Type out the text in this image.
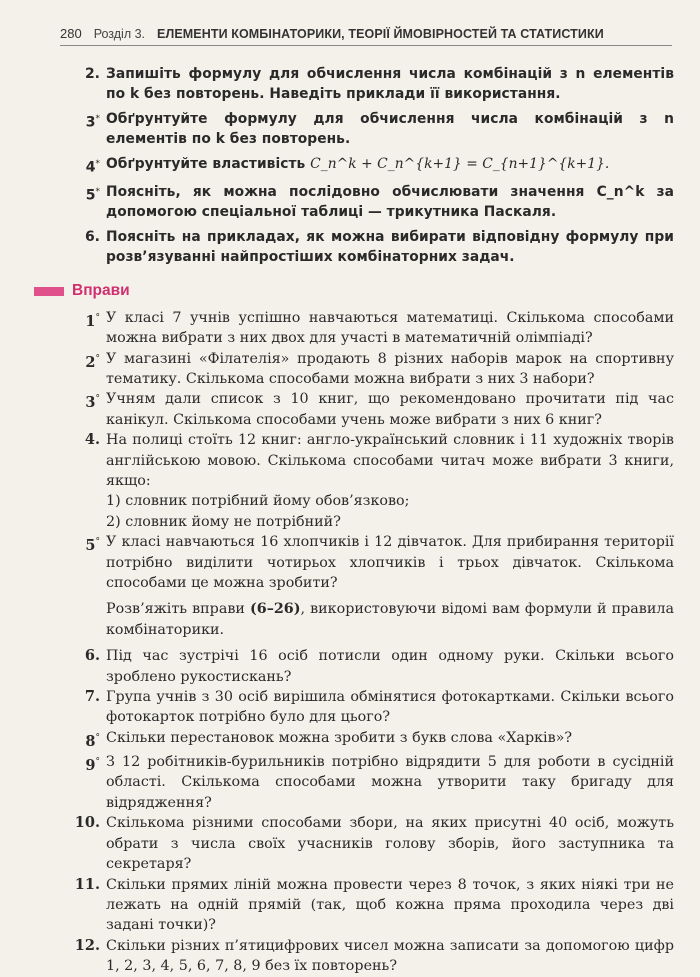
280 Розділ 3. ЕЛЕМЕНТИ КОМБІНАТОРИКИ, ТЕОРІЇ ЙМОВІРНОСТЕЙ ТА СТАТИСТИКИ
2. Запишіть формулу для обчислення числа комбінацій з n елементів по k без повторень. Наведіть приклади її використання.
3* Обґрунтуйте формулу для обчислення числа комбінацій з n елементів по k без повторень.
4* Обґрунтуйте властивість C_n^k + C_n^{k+1} = C_{n+1}^{k+1}.
5* Поясніть, як можна послідовно обчислювати значення C_n^k за допомогою спеціальної таблиці — трикутника Паскаля.
6. Поясніть на прикладах, як можна вибирати відповідну формулу при розв’язуванні найпростіших комбінаторних задач.
Вправи
1° У класі 7 учнів успішно навчаються математиці. Скількома способами можна вибрати з них двох для участі в математичній олімпіаді?
2° У магазині «Філателія» продають 8 різних наборів марок на спортивну тематику. Скількома способами можна вибрати з них 3 набори?
3° Учням дали список з 10 книг, що рекомендовано прочитати під час канікул. Скількома способами учень може вибрати з них 6 книг?
4. На полиці стоїть 12 книг: англо-український словник і 11 художніх творів англійською мовою. Скількома способами читач може вибрати 3 книги, якщо:
1) словник потрібний йому обов’язково;
2) словник йому не потрібний?
5° У класі навчаються 16 хлопчиків і 12 дівчаток. Для прибирання території потрібно виділити чотирьох хлопчиків і трьох дівчаток. Скількома способами це можна зробити?
Розв’яжіть вправи (6–26), використовуючи відомі вам формули й правила комбінаторики.
6. Під час зустрічі 16 осіб потисли один одному руки. Скільки всього зроблено рукостискань?
7. Група учнів з 30 осіб вирішила обмінятися фотокартками. Скільки всього фотокарток потрібно було для цього?
8° Скільки перестановок можна зробити з букв слова «Харків»?
9° З 12 робітників-бурильників потрібно відрядити 5 для роботи в сусідній області. Скількома способами можна утворити таку бригаду для відрядження?
10. Скількома різними способами збори, на яких присутні 40 осіб, можуть обрати з числа своїх учасників голову зборів, його заступника та секретаря?
11. Скільки прямих ліній можна провести через 8 точок, з яких ніякі три не лежать на одній прямій (так, щоб кожна пряма проходила через дві задані точки)?
12. Скільки різних п’ятицифрових чисел можна записати за допомогою цифр 1, 2, 3, 4, 5, 6, 7, 8, 9 без їх повторень?
